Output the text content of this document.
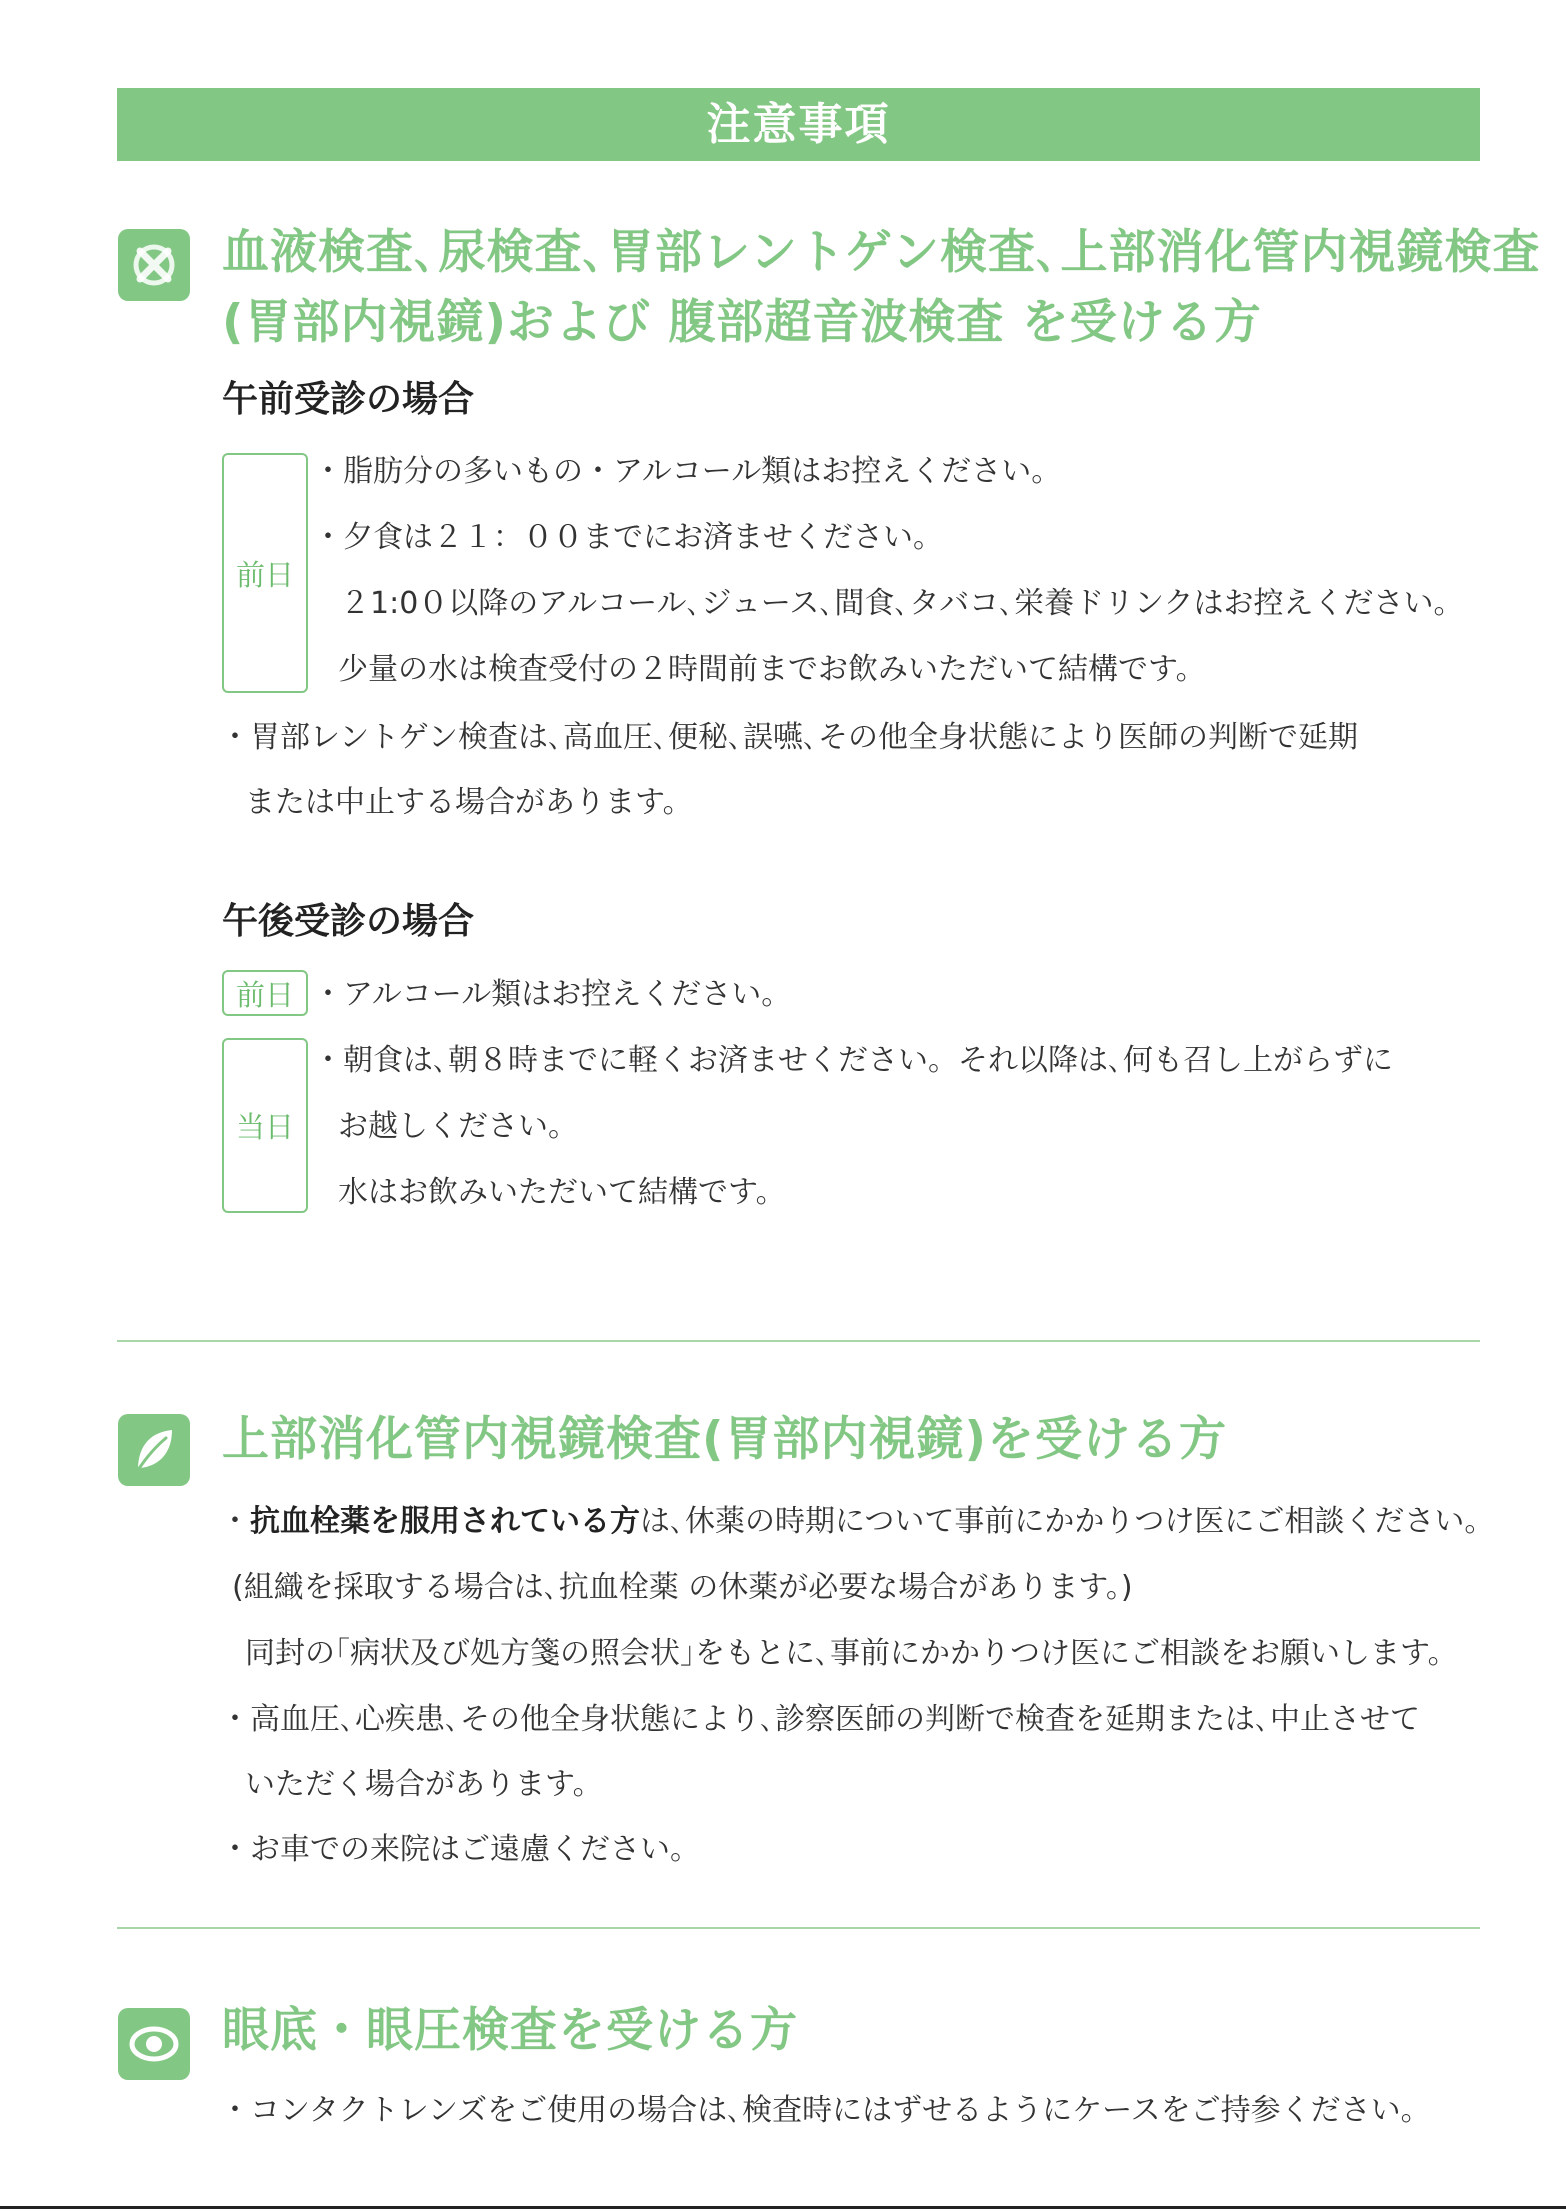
注意事項
血液検査､尿検査､胃部レントゲン検査､上部消化管内視鏡検査
(胃部内視鏡)および 腹部超音波検査 を受ける方
午前受診の場合
前日
・脂肪分の多いもの・アルコール類はお控えください。
・夕食は２１：００までにお済ませください。
２1:0０以降のアルコール､ジュース､間食､タバコ､栄養ドリンクはお控えください。
少量の水は検査受付の２時間前までお飲みいただいて結構です。
・胃部レントゲン検査は､高血圧､便秘､誤嚥､その他全身状態により医師の判断で延期
または中止する場合があります。
午後受診の場合
前日 ・アルコール類はお控えください。
当日
・朝食は､朝８時までに軽くお済ませください。それ以降は､何も召し上がらずに
お越しください。
水はお飲みいただいて結構です。
上部消化管内視鏡検査(胃部内視鏡)を受ける方
・抗血栓薬を服用されている方は､休薬の時期について事前にかかりつけ医にご相談ください。
(組織を採取する場合は､抗血栓薬 の休薬が必要な場合があります。)
同封の｢病状及び処方箋の照会状｣をもとに､事前にかかりつけ医にご相談をお願いします。
・高血圧､心疾患､その他全身状態により､診察医師の判断で検査を延期または､中止させて
いただく場合があります。
・お車での来院はご遠慮ください。
眼底・眼圧検査を受ける方
・コンタクトレンズをご使用の場合は､検査時にはずせるようにケースをご持参ください。
